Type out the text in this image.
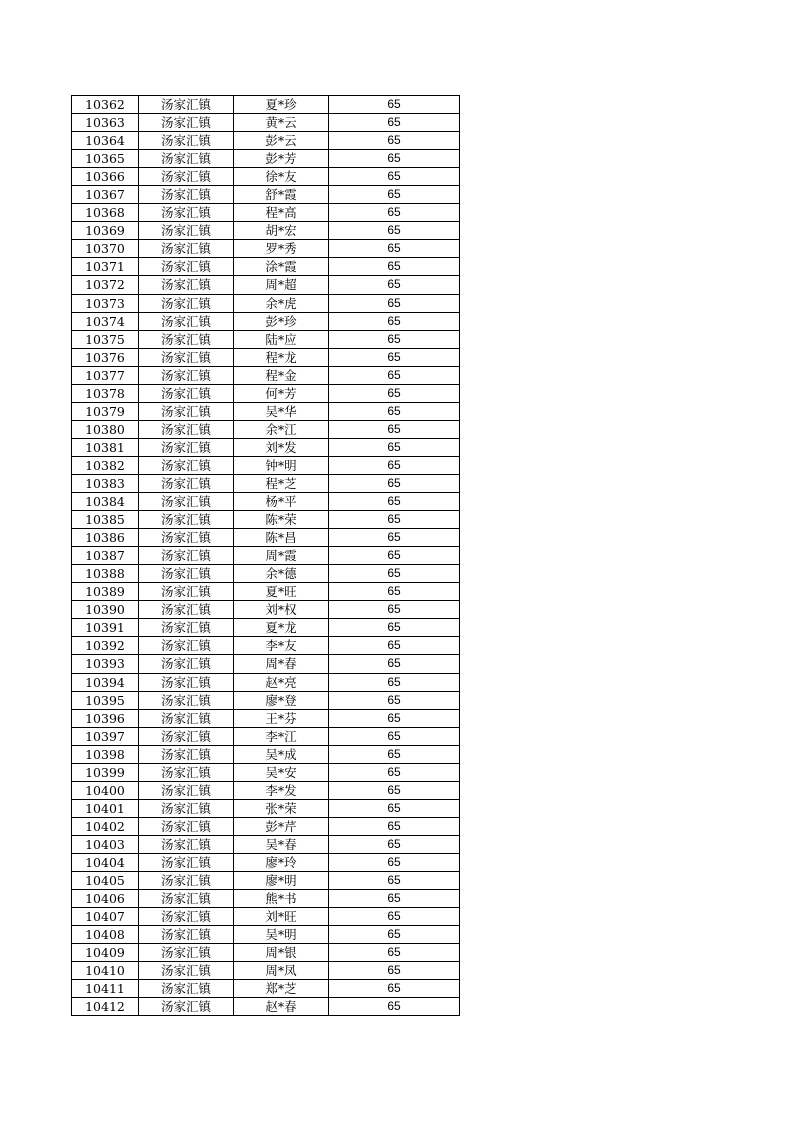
10362	汤家汇镇	夏*珍	65
10363	汤家汇镇	黄*云	65
10364	汤家汇镇	彭*云	65
10365	汤家汇镇	彭*芳	65
10366	汤家汇镇	徐*友	65
10367	汤家汇镇	舒*霞	65
10368	汤家汇镇	程*高	65
10369	汤家汇镇	胡*宏	65
10370	汤家汇镇	罗*秀	65
10371	汤家汇镇	涂*霞	65
10372	汤家汇镇	周*超	65
10373	汤家汇镇	余*虎	65
10374	汤家汇镇	彭*珍	65
10375	汤家汇镇	陆*应	65
10376	汤家汇镇	程*龙	65
10377	汤家汇镇	程*金	65
10378	汤家汇镇	何*芳	65
10379	汤家汇镇	吴*华	65
10380	汤家汇镇	余*江	65
10381	汤家汇镇	刘*发	65
10382	汤家汇镇	钟*明	65
10383	汤家汇镇	程*芝	65
10384	汤家汇镇	杨*平	65
10385	汤家汇镇	陈*荣	65
10386	汤家汇镇	陈*昌	65
10387	汤家汇镇	周*霞	65
10388	汤家汇镇	余*德	65
10389	汤家汇镇	夏*旺	65
10390	汤家汇镇	刘*权	65
10391	汤家汇镇	夏*龙	65
10392	汤家汇镇	李*友	65
10393	汤家汇镇	周*春	65
10394	汤家汇镇	赵*亮	65
10395	汤家汇镇	廖*登	65
10396	汤家汇镇	王*芬	65
10397	汤家汇镇	李*江	65
10398	汤家汇镇	吴*成	65
10399	汤家汇镇	吴*安	65
10400	汤家汇镇	李*发	65
10401	汤家汇镇	张*荣	65
10402	汤家汇镇	彭*芹	65
10403	汤家汇镇	吴*春	65
10404	汤家汇镇	廖*玲	65
10405	汤家汇镇	廖*明	65
10406	汤家汇镇	熊*书	65
10407	汤家汇镇	刘*旺	65
10408	汤家汇镇	吴*明	65
10409	汤家汇镇	周*银	65
10410	汤家汇镇	周*凤	65
10411	汤家汇镇	郑*芝	65
10412	汤家汇镇	赵*春	65
